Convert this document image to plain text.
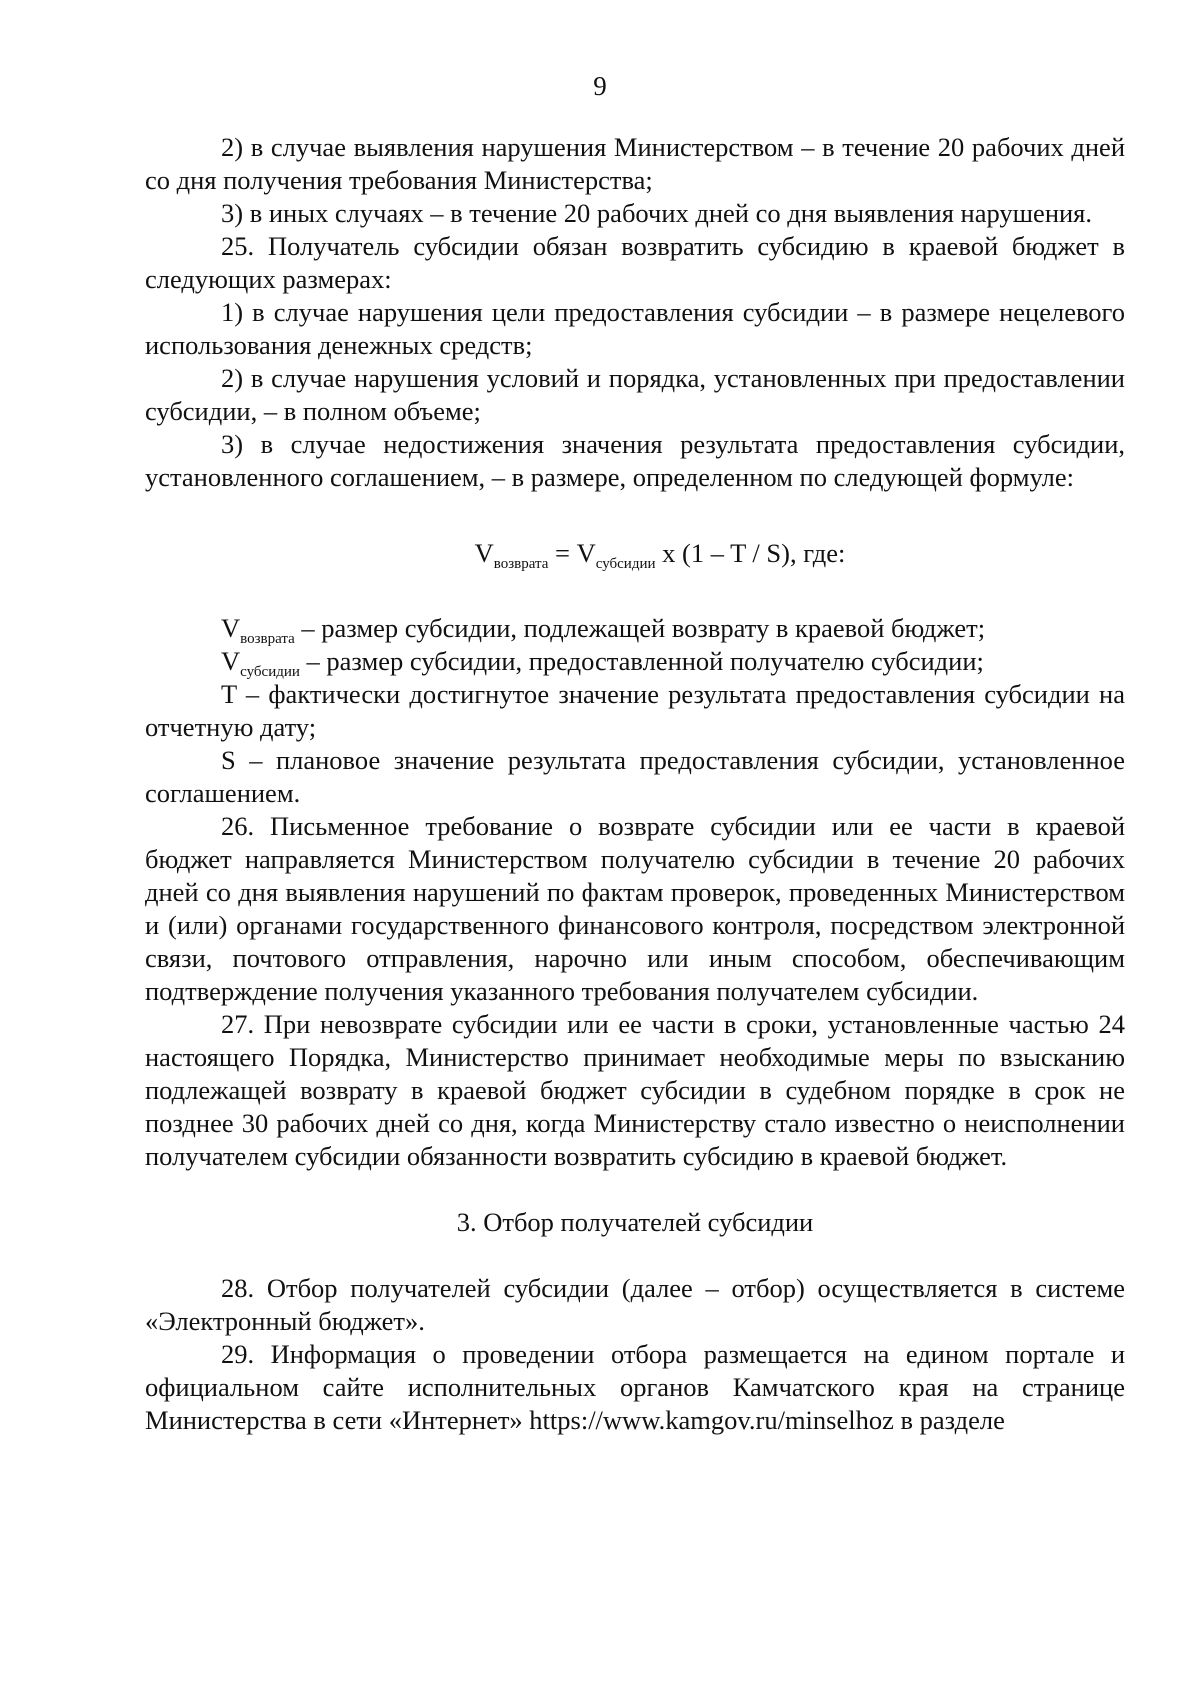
9

2) в случае выявления нарушения Министерством – в течение 20 рабочих дней со дня получения требования Министерства;

3) в иных случаях – в течение 20 рабочих дней со дня выявления нарушения.

25. Получатель субсидии обязан возвратить субсидию в краевой бюджет в следующих размерах:

1) в случае нарушения цели предоставления субсидии – в размере нецелевого использования денежных средств;

2) в случае нарушения условий и порядка, установленных при предоставлении субсидии, – в полном объеме;

3) в случае недостижения значения результата предоставления субсидии, установленного соглашением, – в размере, определенном по следующей формуле:

$V_{возврата} = V_{субсидии}$ x (1 – T / S), где:

$V_{возврата}$ – размер субсидии, подлежащей возврату в краевой бюджет;

$V_{субсидии}$ – размер субсидии, предоставленной получателю субсидии;

T – фактически достигнутое значение результата предоставления субсидии на отчетную дату;

S – плановое значение результата предоставления субсидии, установленное соглашением.

26. Письменное требование о возврате субсидии или ее части в краевой бюджет направляется Министерством получателю субсидии в течение 20 рабочих дней со дня выявления нарушений по фактам проверок, проведенных Министерством и (или) органами государственного финансового контроля, посредством электронной связи, почтового отправления, нарочно или иным способом, обеспечивающим подтверждение получения указанного требования получателем субсидии.

27. При невозврате субсидии или ее части в сроки, установленные частью 24 настоящего Порядка, Министерство принимает необходимые меры по взысканию подлежащей возврату в краевой бюджет субсидии в судебном порядке в срок не позднее 30 рабочих дней со дня, когда Министерству стало известно о неисполнении получателем субсидии обязанности возвратить субсидию в краевой бюджет.

3. Отбор получателей субсидии

28. Отбор получателей субсидии (далее – отбор) осуществляется в системе «Электронный бюджет».

29. Информация о проведении отбора размещается на едином портале и официальном сайте исполнительных органов Камчатского края на странице Министерства в сети «Интернет» https://www.kamgov.ru/minselhoz в разделе
